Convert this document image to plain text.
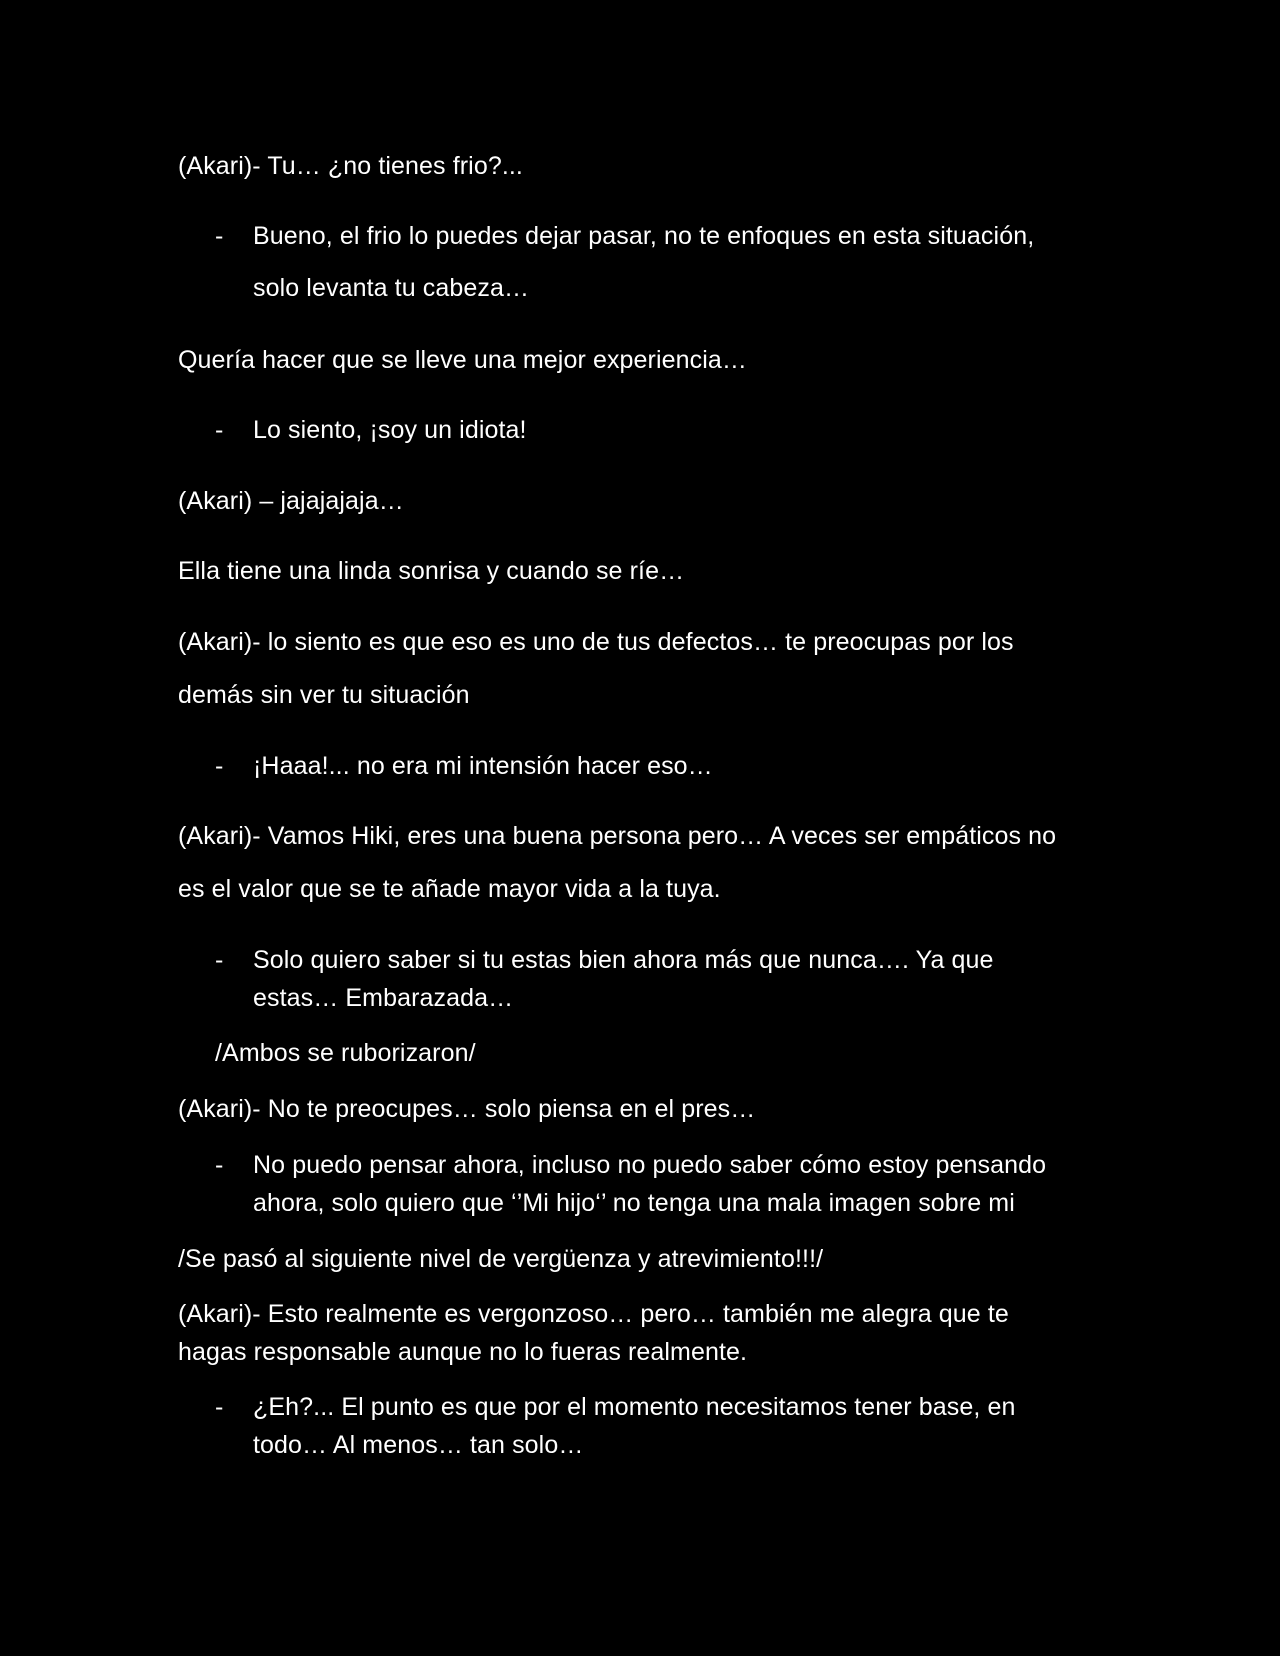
(Akari)- Tu… ¿no tienes frio?...
- Bueno, el frio lo puedes dejar pasar, no te enfoques en esta situación,
solo levanta tu cabeza…
Quería hacer que se lleve una mejor experiencia…
- Lo siento, ¡soy un idiota!
(Akari) – jajajajaja…
Ella tiene una linda sonrisa y cuando se ríe…
(Akari)- lo siento es que eso es uno de tus defectos… te preocupas por los
demás sin ver tu situación
- ¡Haaa!... no era mi intensión hacer eso…
(Akari)- Vamos Hiki, eres una buena persona pero… A veces ser empáticos no
es el valor que se te añade mayor vida a la tuya.
- Solo quiero saber si tu estas bien ahora más que nunca…. Ya que
estas… Embarazada…
/Ambos se ruborizaron/
(Akari)- No te preocupes… solo piensa en el pres…
- No puedo pensar ahora, incluso no puedo saber cómo estoy pensando
ahora, solo quiero que ‘’Mi hijo‘’ no tenga una mala imagen sobre mi
/Se pasó al siguiente nivel de vergüenza y atrevimiento!!!/
(Akari)- Esto realmente es vergonzoso… pero… también me alegra que te
hagas responsable aunque no lo fueras realmente.
- ¿Eh?... El punto es que por el momento necesitamos tener base, en
todo… Al menos… tan solo…
